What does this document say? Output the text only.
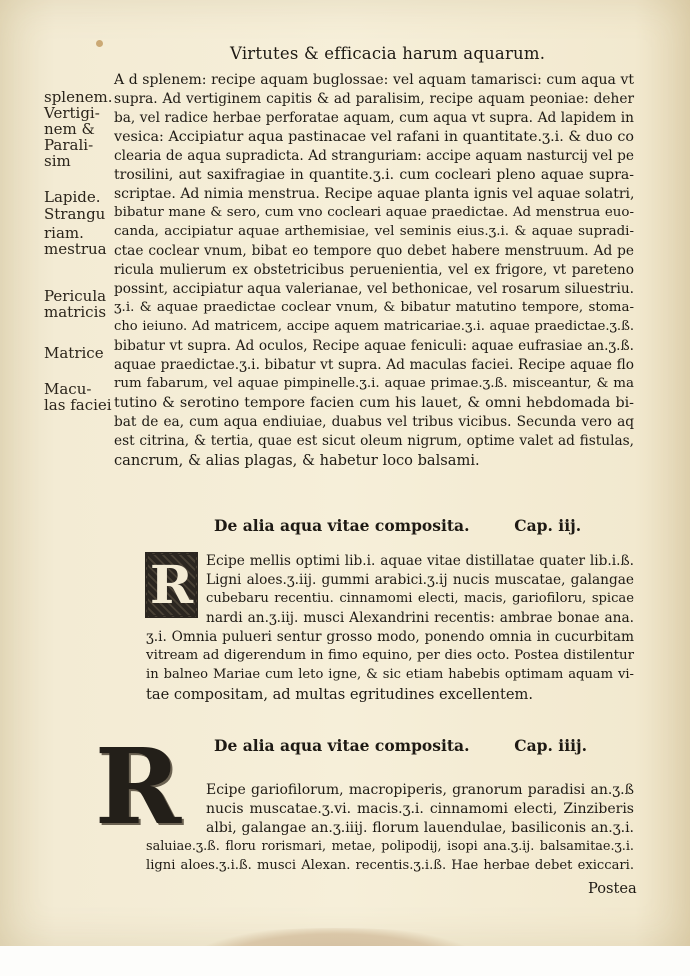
Virtutes & efficacia harum aquarum.
splenem.
Vertigi-
nem &
Parali-
sim
Lapide.
Strangu
riam.
mestrua
Pericula
matricis
Matrice
Macu-
las faciei
A d splenem: recipe aquam buglossae: vel aquam tamarisci: cum aqua vt
supra. Ad vertiginem capitis & ad paralisim, recipe aquam peoniae: deher
ba, vel radice herbae perforatae aquam, cum aqua vt supra. Ad lapidem in
vesica: Accipiatur aqua pastinacae vel rafani in quantitate.ʒ.i. & duo co
clearia de aqua supradicta. Ad stranguriam: accipe aquam nasturcij vel pe
trosilini, aut saxifragiae in quantite.ʒ.i. cum cocleari pleno aquae supra-
scriptae. Ad nimia menstrua. Recipe aquae planta ignis vel aquae solatri,
bibatur mane & sero, cum vno cocleari aquae praedictae. Ad menstrua euo-
canda, accipiatur aquae arthemisiae, vel seminis eius.ʒ.i. & aquae supradi-
ctae coclear vnum, bibat eo tempore quo debet habere menstruum. Ad pe
ricula mulierum ex obstetricibus peruenientia, vel ex frigore, vt pareteno
possint, accipiatur aqua valerianae, vel bethonicae, vel rosarum siluestriu.
ʒ.i. & aquae praedictae coclear vnum, & bibatur matutino tempore, stoma-
cho ieiuno. Ad matricem, accipe aquem matricariae.ʒ.i. aquae praedictae.ʒ.ß.
bibatur vt supra. Ad oculos, Recipe aquae feniculi: aquae eufrasiae an.ʒ.ß.
aquae praedictae.ʒ.i. bibatur vt supra. Ad maculas faciei. Recipe aquae flo
rum fabarum, vel aquae pimpinelle.ʒ.i. aquae primae.ʒ.ß. misceantur, & ma
tutino & serotino tempore facien cum his lauet, & omni hebdomada bi-
bat de ea, cum aqua endiuiae, duabus vel tribus vicibus. Secunda vero aq
est citrina, & tertia, quae est sicut oleum nigrum, optime valet ad fistulas,
cancrum, & alias plagas, & habetur loco balsami.
De alia aqua vitae composita.	Cap. iij.
R Ecipe mellis optimi lib.i. aquae vitae distillatae quater lib.i.ß.
Ligni aloes.ʒ.iij. gummi arabici.ʒ.ij nucis muscatae, galangae
cubebaru recentiu. cinnamomi electi, macis, gariofiloru, spicae
nardi an.ʒ.iij. musci Alexandrini recentis: ambrae bonae ana.
ʒ.i. Omnia pulueri sentur grosso modo, ponendo omnia in cucurbitam
vitream ad digerendum in fimo equino, per dies octo. Postea distilentur
in balneo Mariae cum leto igne, & sic etiam habebis optimam aquam vi-
tae compositam, ad multas egritudines excellentem.
De alia aqua vitae composita.	Cap. iiij.
R	Ecipe gariofilorum, macropiperis, granorum paradisi an.ʒ.ß
nucis muscatae.ʒ.vi. macis.ʒ.i. cinnamomi electi, Zinziberis
albi, galangae an.ʒ.iiij. florum lauendulae, basiliconis an.ʒ.i.
saluiae.ʒ.ß. floru rorismari, metae, polipodij, isopi ana.ʒ.ij. balsamitae.ʒ.i.
ligni aloes.ʒ.i.ß. musci Alexan. recentis.ʒ.i.ß. Hae herbae debet exiccari.
Postea
